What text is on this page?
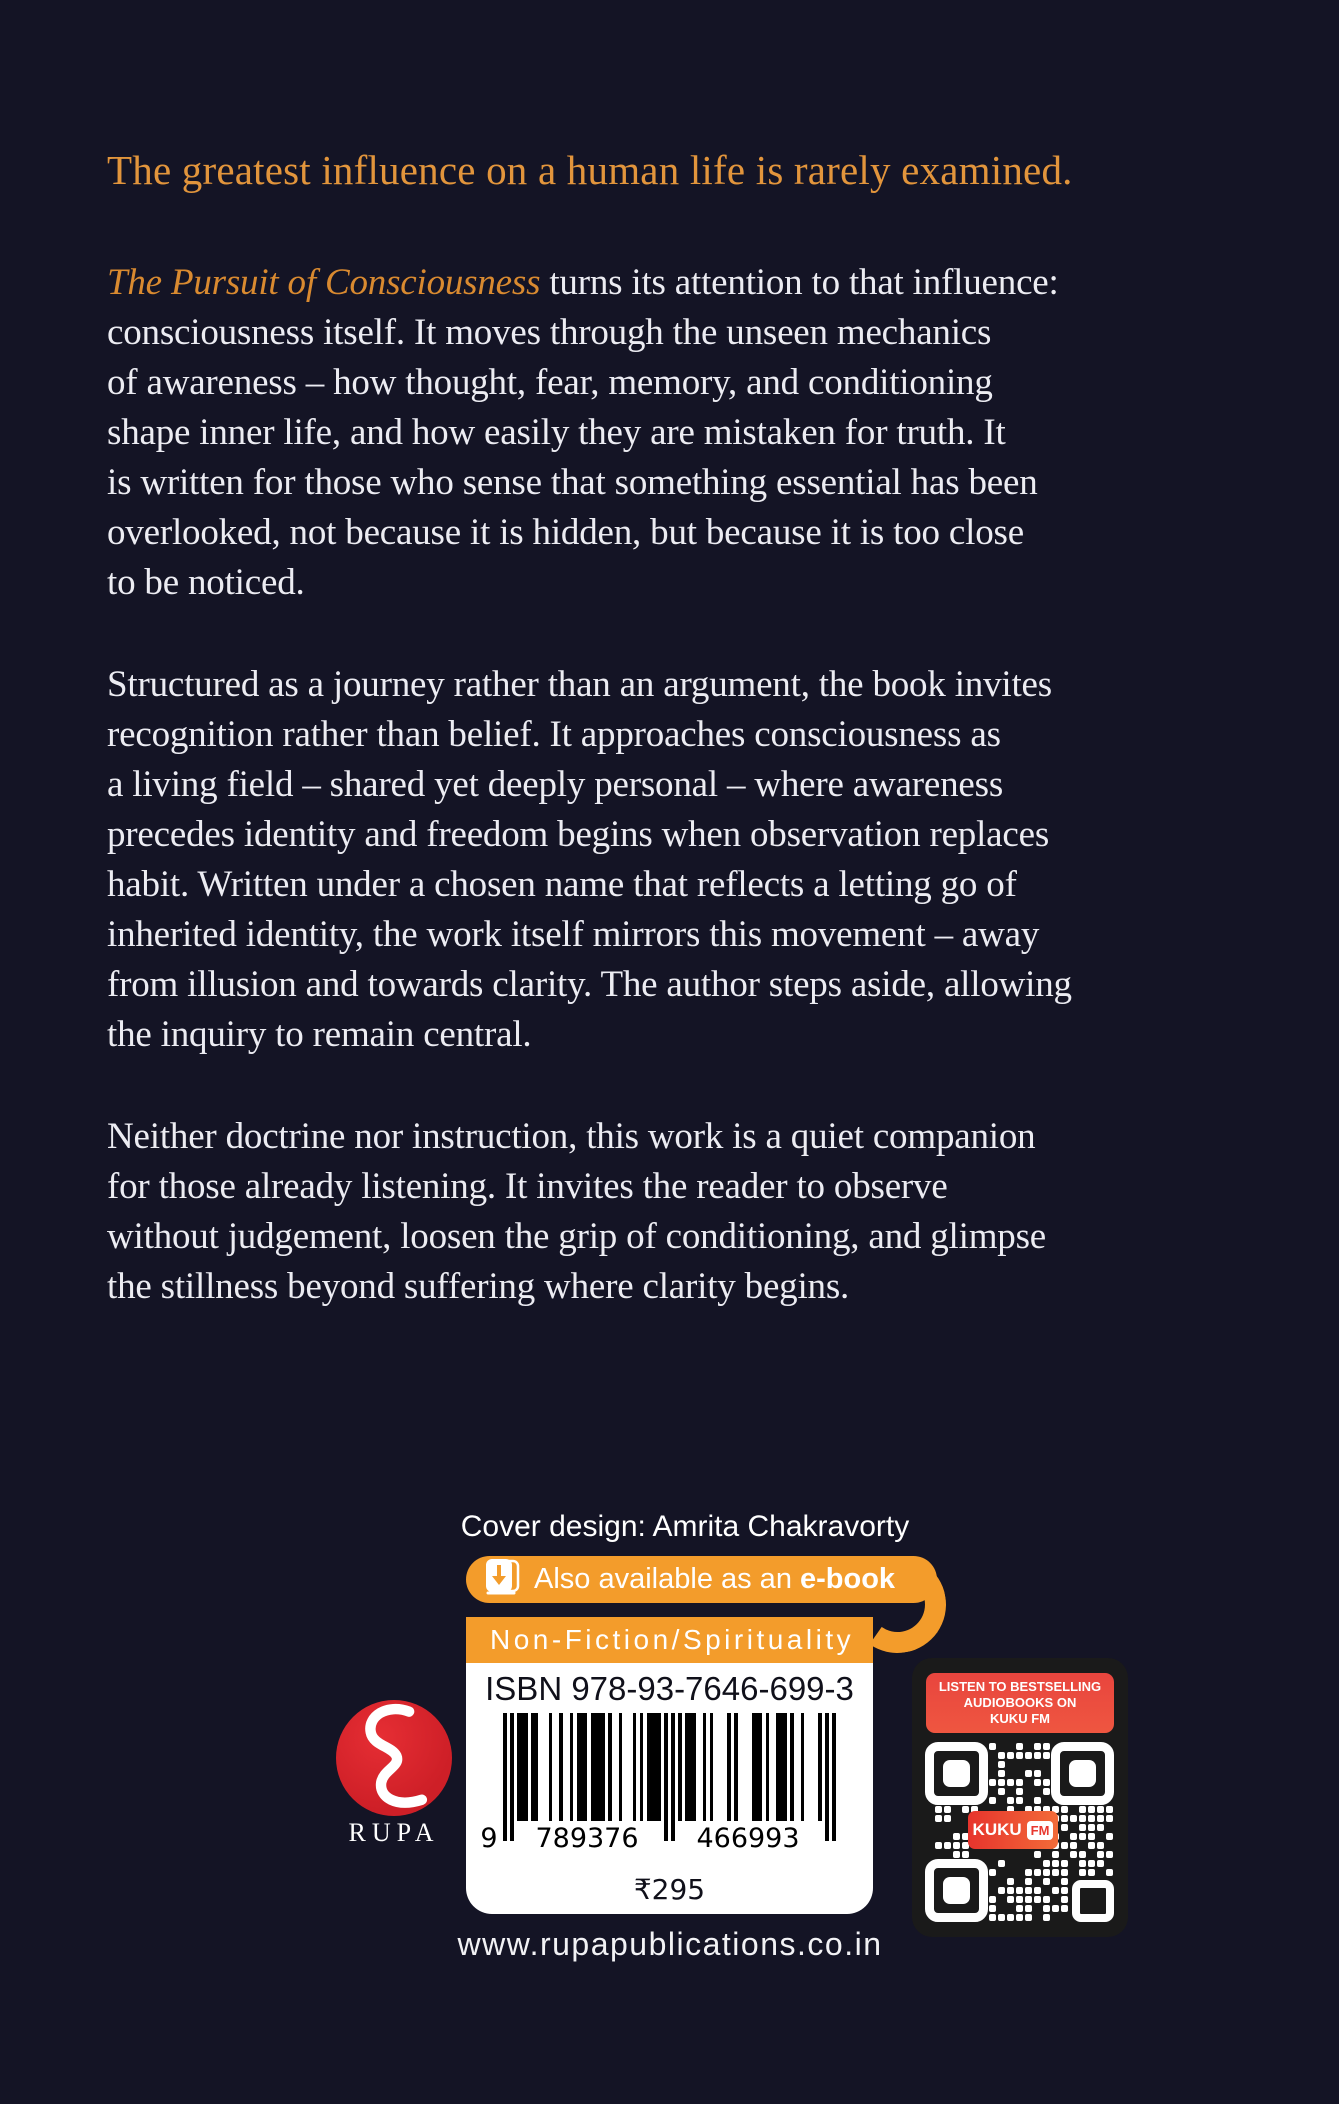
The greatest influence on a human life is rarely examined.
The Pursuit of Consciousness turns its attention to that influence:
consciousness itself. It moves through the unseen mechanics
of awareness – how thought, fear, memory, and conditioning
shape inner life, and how easily they are mistaken for truth. It
is written for those who sense that something essential has been
overlooked, not because it is hidden, but because it is too close
to be noticed.
Structured as a journey rather than an argument, the book invites
recognition rather than belief. It approaches consciousness as
a living field – shared yet deeply personal – where awareness
precedes identity and freedom begins when observation replaces
habit. Written under a chosen name that reflects a letting go of
inherited identity, the work itself mirrors this movement – away
from illusion and towards clarity. The author steps aside, allowing
the inquiry to remain central.
Neither doctrine nor instruction, this work is a quiet companion
for those already listening. It invites the reader to observe
without judgement, loosen the grip of conditioning, and glimpse
the stillness beyond suffering where clarity begins.
Cover design: Amrita Chakravorty
Also available as an e-book
Non-Fiction/Spirituality
ISBN 978-93-7646-699-3
9 789376 466993
₹295
RUPA
LISTEN TO BESTSELLING
AUDIOBOOKS ON
KUKU FM
KUKU FM
www.rupapublications.co.in
